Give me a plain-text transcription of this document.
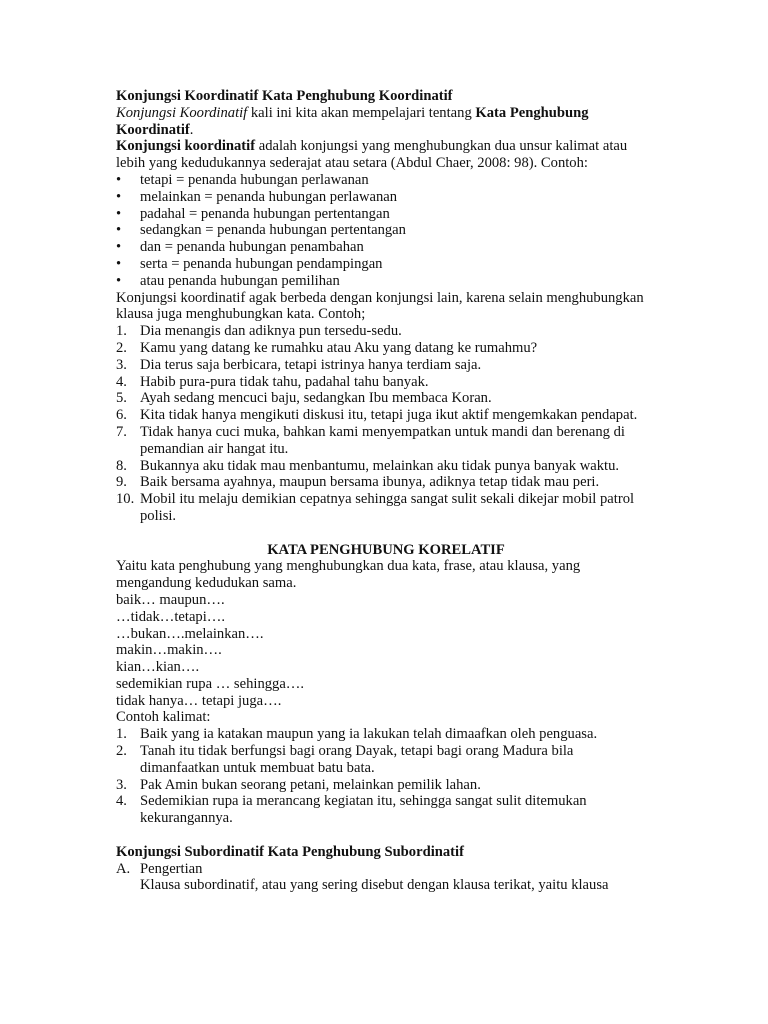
Konjungsi Koordinatif Kata Penghubung Koordinatif

Konjungsi Koordinatif kali ini kita akan mempelajari tentang Kata Penghubung Koordinatif.

Konjungsi koordinatif adalah konjungsi yang menghubungkan dua unsur kalimat atau lebih yang kedudukannya sederajat atau setara (Abdul Chaer, 2008: 98). Contoh:

• tetapi = penanda hubungan perlawanan
• melainkan = penanda hubungan perlawanan
• padahal = penanda hubungan pertentangan
• sedangkan = penanda hubungan pertentangan
• dan = penanda hubungan penambahan
• serta = penanda hubungan pendampingan
• atau penanda hubungan pemilihan

Konjungsi koordinatif agak berbeda dengan konjungsi lain, karena selain menghubungkan klausa juga menghubungkan kata. Contoh;

1. Dia menangis dan adiknya pun tersedu-sedu.
2. Kamu yang datang ke rumahku atau Aku yang datang ke rumahmu?
3. Dia terus saja berbicara, tetapi istrinya hanya terdiam saja.
4. Habib pura-pura tidak tahu, padahal tahu banyak.
5. Ayah sedang mencuci baju, sedangkan Ibu membaca Koran.
6. Kita tidak hanya mengikuti diskusi itu, tetapi juga ikut aktif mengemkakan pendapat.
7. Tidak hanya cuci muka, bahkan kami menyempatkan untuk mandi dan berenang di pemandian air hangat itu.
8. Bukannya aku tidak mau menbantumu, melainkan aku tidak punya banyak waktu.
9. Baik bersama ayahnya, maupun bersama ibunya, adiknya tetap tidak mau peri.
10. Mobil itu melaju demikian cepatnya sehingga sangat sulit sekali dikejar mobil patrol polisi.

KATA PENGHUBUNG KORELATIF

Yaitu kata penghubung yang menghubungkan dua kata, frase, atau klausa, yang mengandung kedudukan sama.

baik… maupun….

…tidak…tetapi….

…bukan….melainkan….

makin…makin….

kian…kian….

sedemikian rupa … sehingga….

tidak hanya… tetapi juga….

Contoh kalimat:

1. Baik yang ia katakan maupun yang ia lakukan telah dimaafkan oleh penguasa.
2. Tanah itu tidak berfungsi bagi orang Dayak, tetapi bagi orang Madura bila dimanfaatkan untuk membuat batu bata.
3. Pak Amin bukan seorang petani, melainkan pemilik lahan.
4. Sedemikian rupa ia merancang kegiatan itu, sehingga sangat sulit ditemukan kekurangannya.

Konjungsi Subordinatif Kata Penghubung Subordinatif

A. Pengertian

Klausa subordinatif, atau yang sering disebut dengan klausa terikat, yaitu klausa
